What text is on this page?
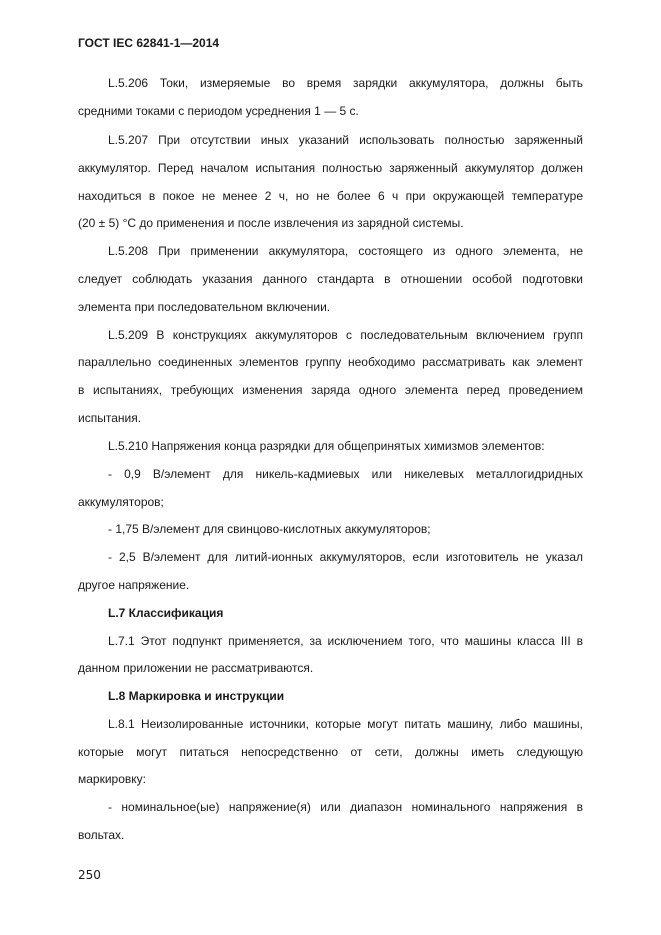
ГОСТ IEC 62841-1—2014
L.5.206 Токи, измеряемые во время зарядки аккумулятора, должны быть
средними токами с периодом усреднения 1 — 5 с.
L.5.207 При отсутствии иных указаний использовать полностью заряженный
аккумулятор. Перед началом испытания полностью заряженный аккумулятор должен
находиться в покое не менее 2 ч, но не более 6 ч при окружающей температуре
(20 ± 5) °С до применения и после извлечения из зарядной системы.
L.5.208 При применении аккумулятора, состоящего из одного элемента, не
следует соблюдать указания данного стандарта в отношении особой подготовки
элемента при последовательном включении.
L.5.209 В конструкциях аккумуляторов с последовательным включением групп
параллельно соединенных элементов группу необходимо рассматривать как элемент
в испытаниях, требующих изменения заряда одного элемента перед проведением
испытания.
L.5.210 Напряжения конца разрядки для общепринятых химизмов элементов:
- 0,9 В/элемент для никель-кадмиевых или никелевых металлогидридных
аккумуляторов;
- 1,75 В/элемент для свинцово-кислотных аккумуляторов;
- 2,5 В/элемент для литий-ионных аккумуляторов, если изготовитель не указал
другое напряжение.
L.7 Классификация
L.7.1 Этот подпункт применяется, за исключением того, что машины класса III в
данном приложении не рассматриваются.
L.8 Маркировка и инструкции
L.8.1 Неизолированные источники, которые могут питать машину, либо машины,
которые могут питаться непосредственно от сети, должны иметь следующую
маркировку:
- номинальное(ые) напряжение(я) или диапазон номинального напряжения в
вольтах.
250
